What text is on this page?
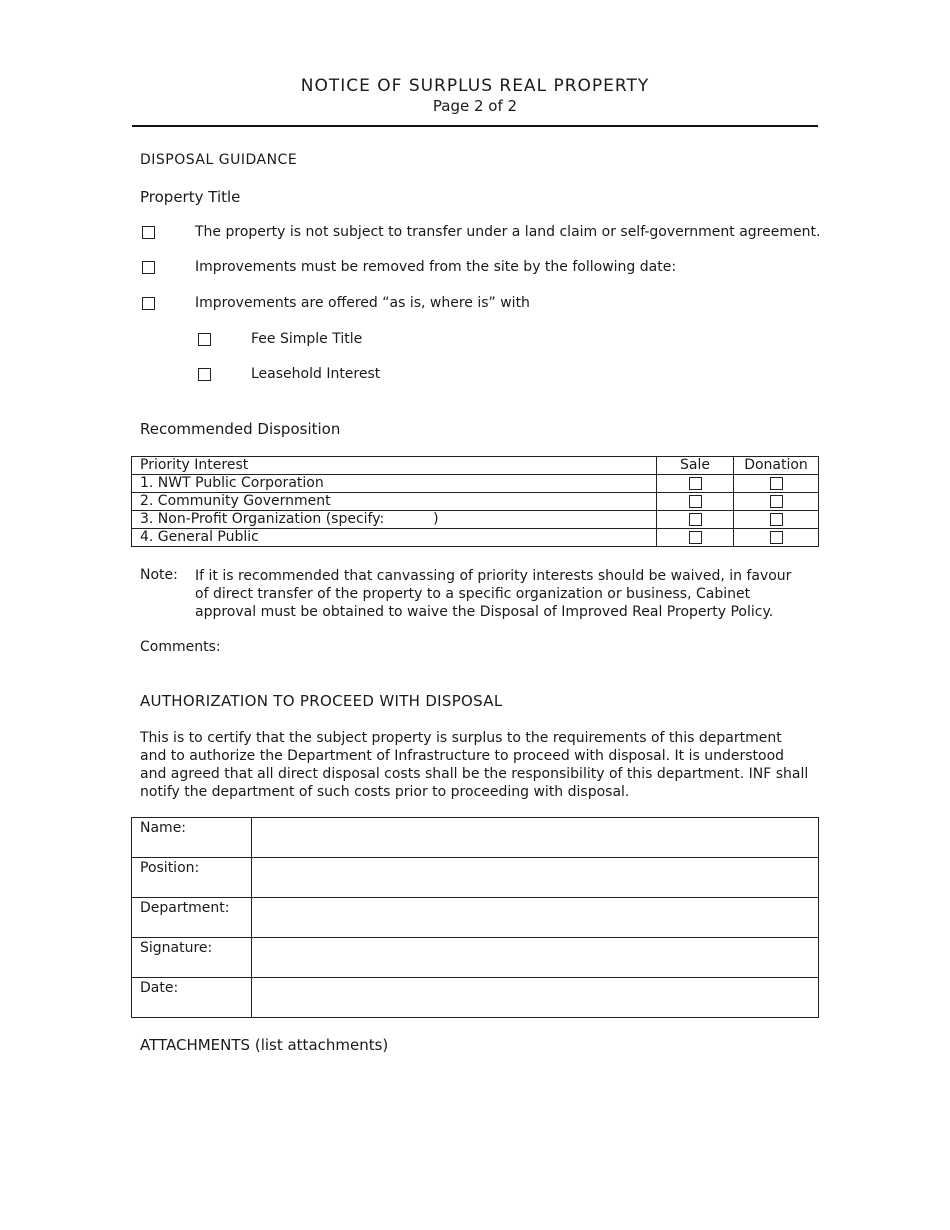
NOTICE OF SURPLUS REAL PROPERTY
Page 2 of 2
DISPOSAL GUIDANCE
Property Title
The property is not subject to transfer under a land claim or self-government agreement.
Improvements must be removed from the site by the following date:
Improvements are offered “as is, where is” with
Fee Simple Title
Leasehold Interest
Recommended Disposition
Priority Interest	Sale	Donation
1. NWT Public Corporation		
2. Community Government		
3. Non-Profit Organization (specify:           )		
4. General Public		
Note: If it is recommended that canvassing of priority interests should be waived, in favour of direct transfer of the property to a specific organization or business, Cabinet approval must be obtained to waive the Disposal of Improved Real Property Policy.
Comments:
AUTHORIZATION TO PROCEED WITH DISPOSAL
This is to certify that the subject property is surplus to the requirements of this department and to authorize the Department of Infrastructure to proceed with disposal. It is understood and agreed that all direct disposal costs shall be the responsibility of this department. INF shall notify the department of such costs prior to proceeding with disposal.
Name:	
Position:	
Department:	
Signature:	
Date:	
ATTACHMENTS (list attachments)
